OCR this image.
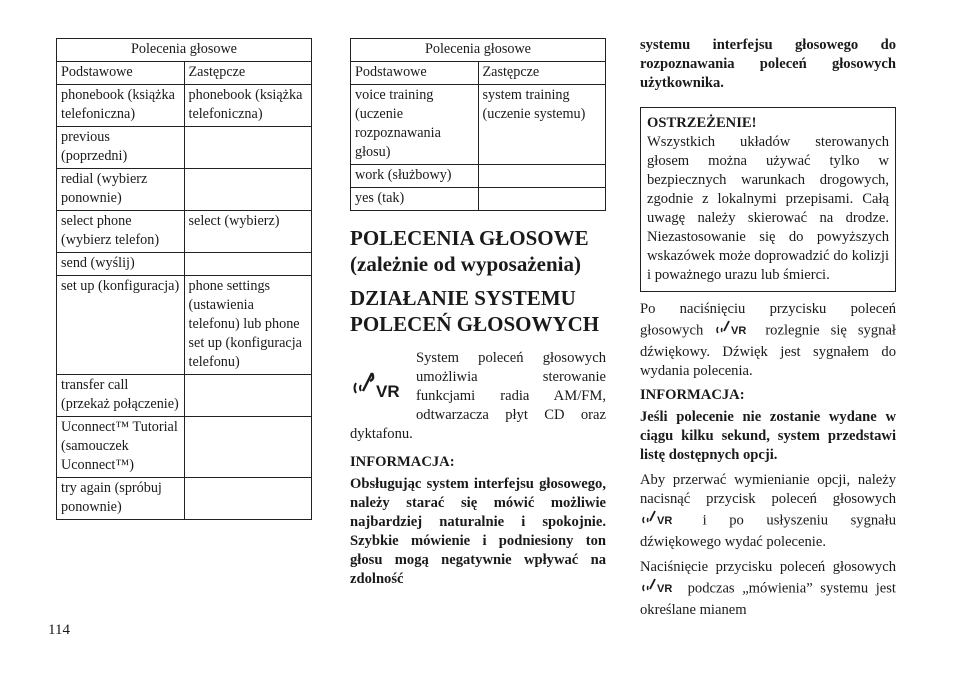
Polecenia głosowe	
Podstawowe	Zastępcze
phonebook (książka telefoniczna)	phonebook (książka telefoniczna)
previous (poprzedni)	
redial (wybierz ponownie)	
select phone (wybierz telefon)	select (wybierz)
send (wyślij)	
set up (konfiguracja)	phone settings (ustawienia telefonu) lub phone set up (konfiguracja telefonu)
transfer call (przekaż połączenie)	
Uconnect™ Tutorial (samouczek Uconnect™)	
try again (spróbuj ponownie)	
Polecenia głosowe	
Podstawowe	Zastępcze
voice training (uczenie rozpoznawania głosu)	system training (uczenie systemu)
work (służbowy)	
yes (tak)	
POLECENIA GŁOSOWE (zależnie od wyposażenia)
DZIAŁANIE SYSTEMU POLECEŃ GŁOSOWYCH
VR

System poleceń głosowych umożliwia sterowanie funkcjami radia AM/FM, odtwarzacza płyt CD oraz dyktafonu.

INFORMACJA:

Obsługując system interfejsu głosowego, należy starać się mówić możliwie najbardziej naturalnie i spokojnie. Szybkie mówienie i podniesiony ton głosu mogą negatywnie wpływać na zdolność

systemu interfejsu głosowego do rozpoznawania poleceń głosowych użytkownika.

OSTRZEŻENIE!
Wszystkich układów sterowanych głosem można używać tylko w bezpiecznych warunkach drogowych, zgodnie z lokalnymi przepisami. Całą uwagę należy skierować na drodze. Niezastosowanie się do powyższych wskazówek może doprowadzić do kolizji i poważnego urazu lub śmierci.

Po naciśnięciu przycisku poleceń głosowych	VR rozlegnie się sygnał dźwiękowy. Dźwięk jest sygnałem do wydania polecenia.

INFORMACJA:

Jeśli polecenie nie zostanie wydane w ciągu kilku sekund, system przedstawi listę dostępnych opcji.

Aby przerwać wymienianie opcji, należy nacisnąć przycisk poleceń głosowych
VR i po usłyszeniu sygnału dźwiękowego wydać polecenie.

Naciśnięcie przycisku poleceń głosowych
VR podczas „mówienia” systemu jest określane mianem

114
